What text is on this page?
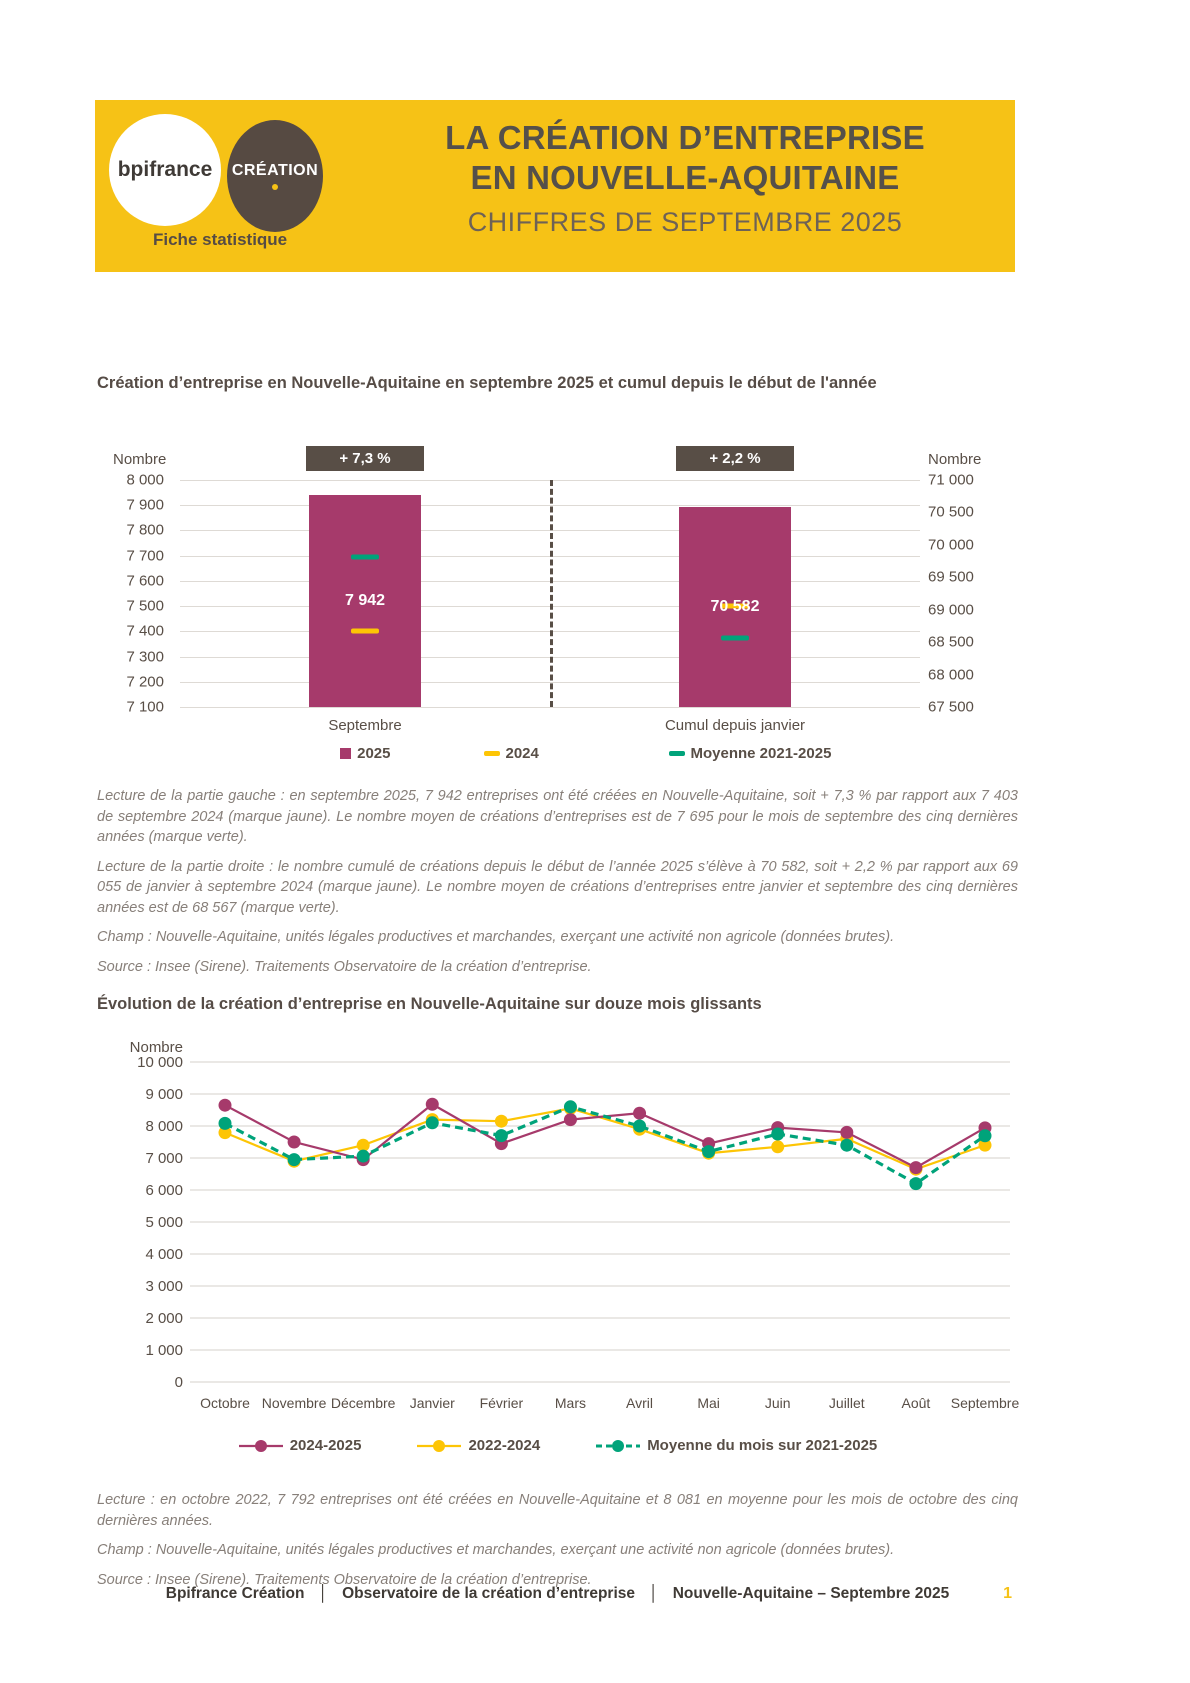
bpifrance CRÉATION
Fiche statistique
LA CRÉATION D’ENTREPRISE
EN NOUVELLE-AQUITAINE
CHIFFRES DE SEPTEMBRE 2025
Création d’entreprise en Nouvelle-Aquitaine en septembre 2025 et cumul depuis le début de l'année
Nombre	Nombre
8 000
7 900
7 800
7 700
7 600
7 500
7 400
7 300
7 200
7 100
71 000
70 500
70 000
69 500
69 000
68 500
68 000
67 500
7 942	70 582
+ 7,3 %	+ 2,2 %
Septembre	Cumul depuis janvier
2025	2024	Moyenne 2021-2025

Lecture de la partie gauche : en septembre 2025, 7 942 entreprises ont été créées en Nouvelle-Aquitaine, soit + 7,3 % par rapport aux 7 403 de septembre 2024 (marque jaune). Le nombre moyen de créations d’entreprises est de 7 695 pour le mois de septembre des cinq dernières années (marque verte).

Lecture de la partie droite : le nombre cumulé de créations depuis le début de l’année 2025 s’élève à 70 582, soit + 2,2 % par rapport aux 69 055 de janvier à septembre 2024 (marque jaune). Le nombre moyen de créations d’entreprises entre janvier et septembre des cinq dernières années est de 68 567 (marque verte).

Champ : Nouvelle-Aquitaine, unités légales productives et marchandes, exerçant une activité non agricole (données brutes).

Source : Insee (Sirene). Traitements Observatoire de la création d’entreprise.

Évolution de la création d’entreprise en Nouvelle-Aquitaine sur douze mois glissants
Nombre
0
1 000
2 000
3 000
4 000
5 000
6 000
7 000
8 000
9 000
10 000
Octobre Novembre Décembre Janvier Février Mars	Avril	Mai	Juin	Juillet	Août Septembre
2024-2025	2022-2024	Moyenne du mois sur 2021-2025

Lecture : en octobre 2022, 7 792 entreprises ont été créées en Nouvelle-Aquitaine et 8 081 en moyenne pour les mois de octobre des cinq dernières années.

Champ : Nouvelle-Aquitaine, unités légales productives et marchandes, exerçant une activité non agricole (données brutes).

Source : Insee (Sirene). Traitements Observatoire de la création d’entreprise.

Bpifrance Création │ Observatoire de la création d’entreprise │ Nouvelle-Aquitaine – Septembre 2025	1
